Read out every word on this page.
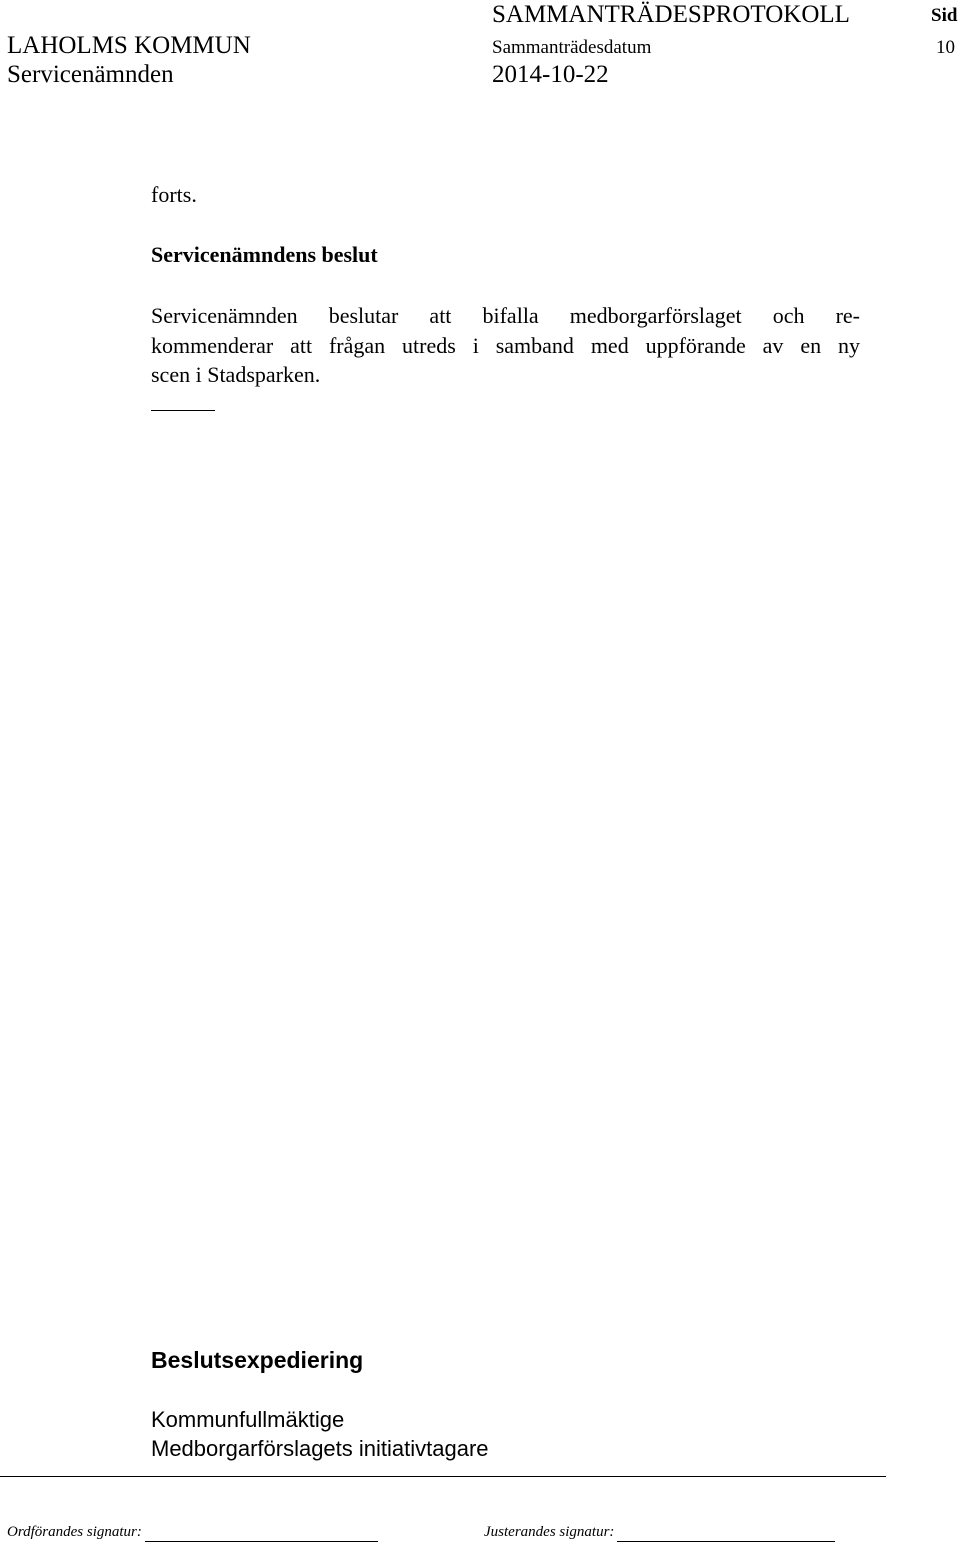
SAMMANTRÄDESPROTOKOLL	Sid
LAHOLMS KOMMUN	Sammanträdesdatum	10
Servicenämnden	2014-10-22
forts.
Servicenämndens beslut
Servicenämnden beslutar att bifalla medborgarförslaget och re-
kommenderar att frågan utreds i samband med uppförande av en ny
scen i Stadsparken.
Beslutsexpediering
Kommunfullmäktige
Medborgarförslagets initiativtagare
Ordförandes signatur:	Justerandes signatur:
